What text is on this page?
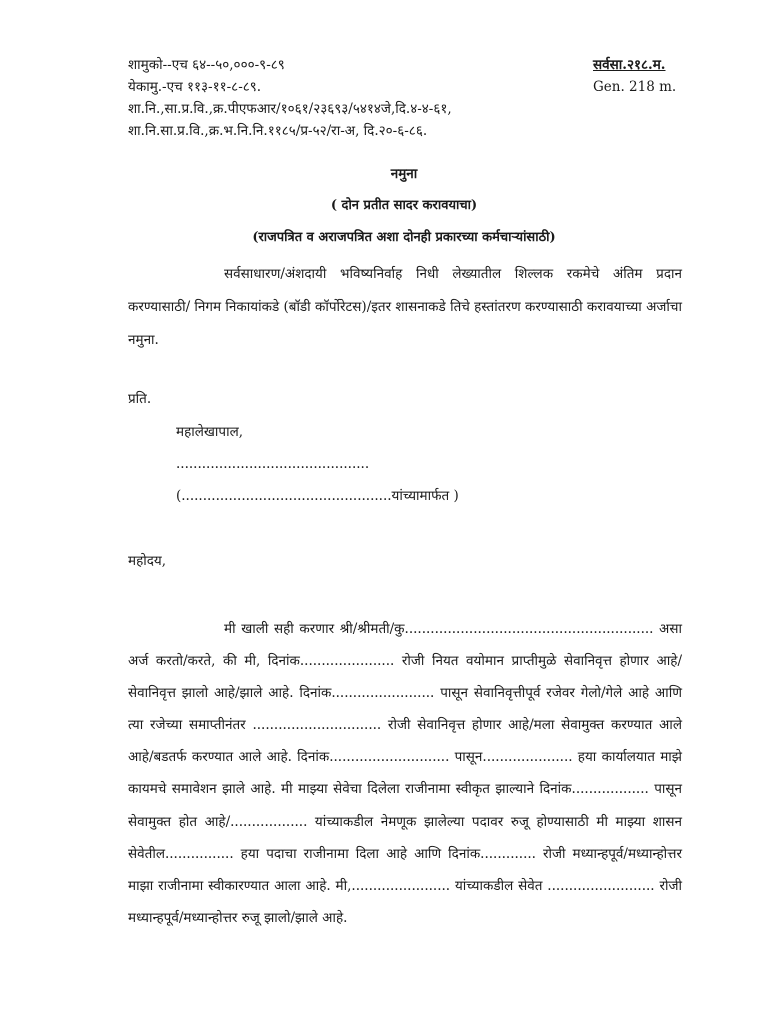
शामुको--एच ६४--५०,०००-९-८९
येकामु.-एच ११३-११-८-८९.
शा.नि.,सा.प्र.वि.,क्र.पीएफआर/१०६१/२३६९३/५४१४जे,दि.४-४-६१,
शा.नि.सा.प्र.वि.,क्र.भ.नि.नि.११८५/प्र-५२/रा-अ, दि.२०-६-८६.
सर्वसा.२१८.म.
Gen. 218 m.
नमुना
( दोन प्रतीत सादर करावयाचा)
(राजपत्रित व अराजपत्रित अशा दोनही प्रकारच्या कर्मचाऱ्यांसाठी)
सर्वसाधारण/अंशदायी भविष्यनिर्वाह निधी लेख्यातील शिल्लक रकमेचे अंतिम प्रदान करण्यासाठी/ निगम निकायांकडे (बॉडी कॉर्पोरेटस)/इतर शासनाकडे तिचे हस्तांतरण करण्यासाठी करावयाच्या अर्जाचा नमुना.
प्रति.
महालेखापाल,
.............................................
(.................................................यांच्यामार्फत )
महोदय,
मी खाली सही करणार श्री/श्रीमती/कु.......................................................... असा अर्ज करतो/करते, की मी, दिनांक...................... रोजी नियत वयोमान प्राप्तीमुळे सेवानिवृत्त होणार आहे/सेवानिवृत्त झालो आहे/झाले आहे. दिनांक........................ पासून सेवानिवृत्तीपूर्व रजेवर गेलो/गेले आहे आणि त्या रजेच्या समाप्तीनंतर .............................. रोजी सेवानिवृत्त होणार आहे/मला सेवामुक्त करण्यात आले आहे/बडतर्फ करण्यात आले आहे. दिनांक............................ पासून..................... हया कार्यालयात माझे कायमचे समावेशन झाले आहे. मी माझ्या सेवेचा दिलेला राजीनामा स्वीकृत झाल्याने दिनांक.................. पासून सेवामुक्त होत आहे/.................. यांच्याकडील नेमणूक झालेल्या पदावर रुजू होण्यासाठी मी माझ्या शासन सेवेतील................ हया पदाचा राजीनामा दिला आहे आणि दिनांक............. रोजी मध्यान्हपूर्व/मध्यान्होत्तर माझा राजीनामा स्वीकारण्यात आला आहे. मी,....................... यांच्याकडील सेवेत ......................... रोजी मध्यान्हपूर्व/मध्यान्होत्तर रुजू झालो/झाले आहे.
